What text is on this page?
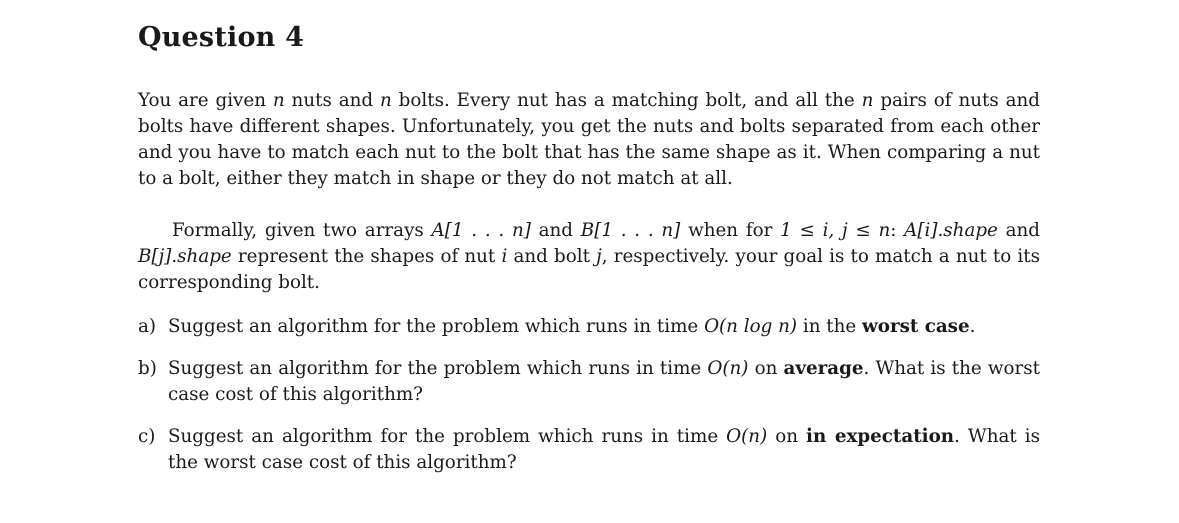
Question 4

You are given n nuts and n bolts. Every nut has a matching bolt, and all the n pairs of nuts and bolts have different shapes. Unfortunately, you get the nuts and bolts separated from each other and you have to match each nut to the bolt that has the same shape as it. When comparing a nut to a bolt, either they match in shape or they do not match at all.

Formally, given two arrays A[1 . . . n] and B[1 . . . n] when for 1 ≤ i, j ≤ n: A[i].shape and B[j].shape represent the shapes of nut i and bolt j, respectively. your goal is to match a nut to its corresponding bolt.

a) Suggest an algorithm for the problem which runs in time O(n log n) in the worst case.
b) Suggest an algorithm for the problem which runs in time O(n) on average. What is the worst case cost of this algorithm?
c) Suggest an algorithm for the problem which runs in time O(n) on in expectation. What is the worst case cost of this algorithm?
